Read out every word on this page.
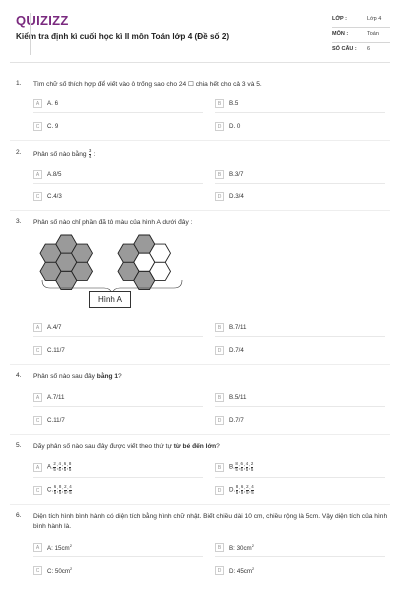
QUIZIZZ
Kiểm tra định kì cuối học kì II môn Toán lớp 4 (Đề số 2)
LỚP :	Lớp 4
MÔN :	Toán
SỐ CÂU : 6
1. Tìm chữ số thích hợp để viết vào ô trống sao cho 24 ☐ chia hết cho cả 3 và 5.
A	A. 6	B	B.5
C	C. 9	D	D. 0
2. Phân số nào bằng $\frac{3}{4}$ :
A	A.8/5	B	B.3/7
C	C.4/3	D	D.3/4
3. Phân số nào chỉ phần đã tô màu của hình A dưới đây :
Hình A
A	A.4/7	B	B.7/11
C	C.11/7	D	D.7/4
4. Phân số nào sau đây bằng 1?
A	A.7/11	B	B.5/11
C	C.11/7	D	D.7/7
5. Dãy phân số nào sau đây được viết theo thứ tự từ bé đến lớn?
A	A. $\frac{2}{5}$ ; $\frac{4}{5}$ ; $\frac{6}{5}$ ; $\frac{8}{5}$	B	B. $\frac{8}{5}$ ; $\frac{6}{5}$ ; $\frac{4}{5}$ ; $\frac{2}{5}$
C	C. $\frac{6}{5}$ ; $\frac{8}{5}$ ; $\frac{2}{5}$ ; $\frac{4}{5}$	D	D. $\frac{8}{5}$ ; $\frac{6}{5}$ ; $\frac{2}{5}$ ; $\frac{4}{5}$
6. Diện tích hình bình hành có diện tích bằng hình chữ nhật. Biết chiều dài 10 cm, chiều rộng là 5cm. Vậy diện tích của hình bình hành là.
A	A: $15cm^2$	B	B: $30cm^2$
C	C: $50cm^2$	D	D: $45cm^2$
